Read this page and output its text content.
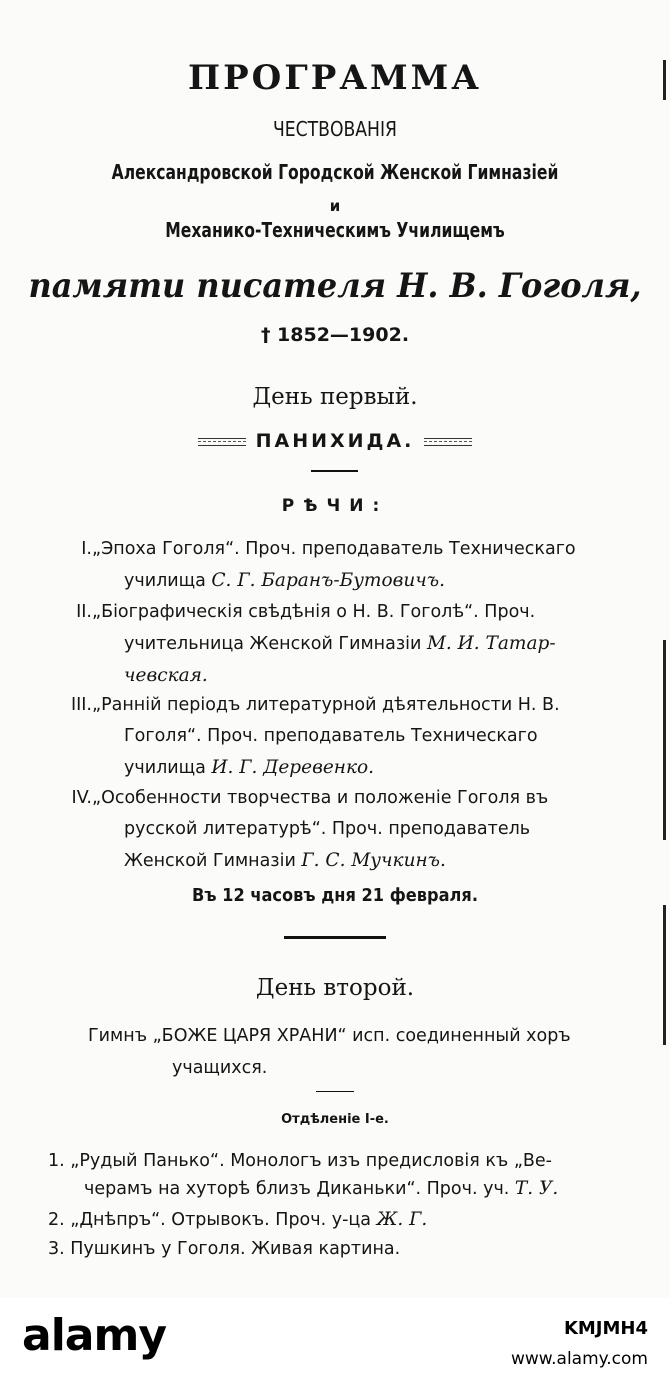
ПРОГРАММА
ЧЕСТВОВАНІЯ
Александровской Городской Женской Гимназіей
и
Механико-Техническимъ Училищемъ
памяти писателя Н. В. Гоголя,
† 1852—1902.
День первый.
ПАНИХИДА.
РѢЧИ:
I. „Эпоха Гоголя“. Проч. преподаватель Техническаго
училища С. Г. Баранъ-Бутовичъ.
II. „Біографическія свѣдѣнія о Н. В. Гоголѣ“. Проч.
учительница Женской Гимназіи М. И. Татар-
чевская.
III. „Ранній періодъ литературной дѣятельности Н. В.
Гоголя“. Проч. преподаватель Техническаго
училища И. Г. Деревенко.
IV. „Особенности творчества и положеніе Гоголя въ
русской литературѣ“. Проч. преподаватель
Женской Гимназіи Г. С. Мучкинъ.
Въ 12 часовъ дня 21 февраля.
День второй.
Гимнъ „БОЖЕ ЦАРЯ ХРАНИ“ исп. соединенный хоръ
учащихся.
Отдѣленіе І-е.
1. „Рудый Панько“. Монологъ изъ предисловія къ „Ве-
черамъ на хуторѣ близъ Диканьки“. Проч. уч. Т. У.
2. „Днѣпръ“. Отрывокъ. Проч. у-ца Ж. Г.
3. Пушкинъ у Гоголя. Живая картина.
alamy	KMJMH4
www.alamy.com
